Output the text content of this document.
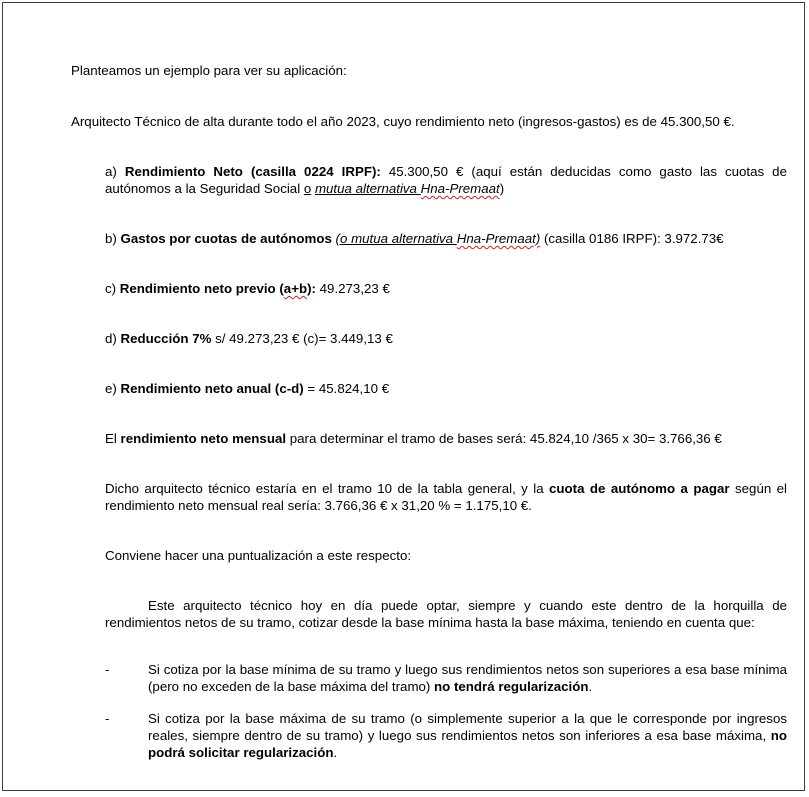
Planteamos un ejemplo para ver su aplicación:
Arquitecto Técnico de alta durante todo el año 2023, cuyo rendimiento neto (ingresos-gastos) es de 45.300,50 €.
a) Rendimiento Neto (casilla 0224 IRPF): 45.300,50 € (aquí están deducidas como gasto las cuotas de autónomos a la Seguridad Social o mutua alternativa Hna-Premaat)
b) Gastos por cuotas de autónomos (o mutua alternativa Hna-Premaat) (casilla 0186 IRPF): 3.972.73€
c) Rendimiento neto previo (a+b): 49.273,23 €
d) Reducción 7% s/ 49.273,23 € (c)= 3.449,13 €
e) Rendimiento neto anual (c-d) = 45.824,10 €
El rendimiento neto mensual para determinar el tramo de bases será: 45.824,10 /365 x 30= 3.766,36 €
Dicho arquitecto técnico estaría en el tramo 10 de la tabla general, y la cuota de autónomo a pagar según el rendimiento neto mensual real sería: 3.766,36 € x 31,20 % = 1.175,10 €.
Conviene hacer una puntualización a este respecto:
Este arquitecto técnico hoy en día puede optar, siempre y cuando este dentro de la horquilla de rendimientos netos de su tramo, cotizar desde la base mínima hasta la base máxima, teniendo en cuenta que:
-	Si cotiza por la base mínima de su tramo y luego sus rendimientos netos son superiores a esa base mínima (pero no exceden de la base máxima del tramo) no tendrá regularización.
-	Si cotiza por la base máxima de su tramo (o simplemente superior a la que le corresponde por ingresos reales, siempre dentro de su tramo) y luego sus rendimientos netos son inferiores a esa base máxima, no podrá solicitar regularización.
